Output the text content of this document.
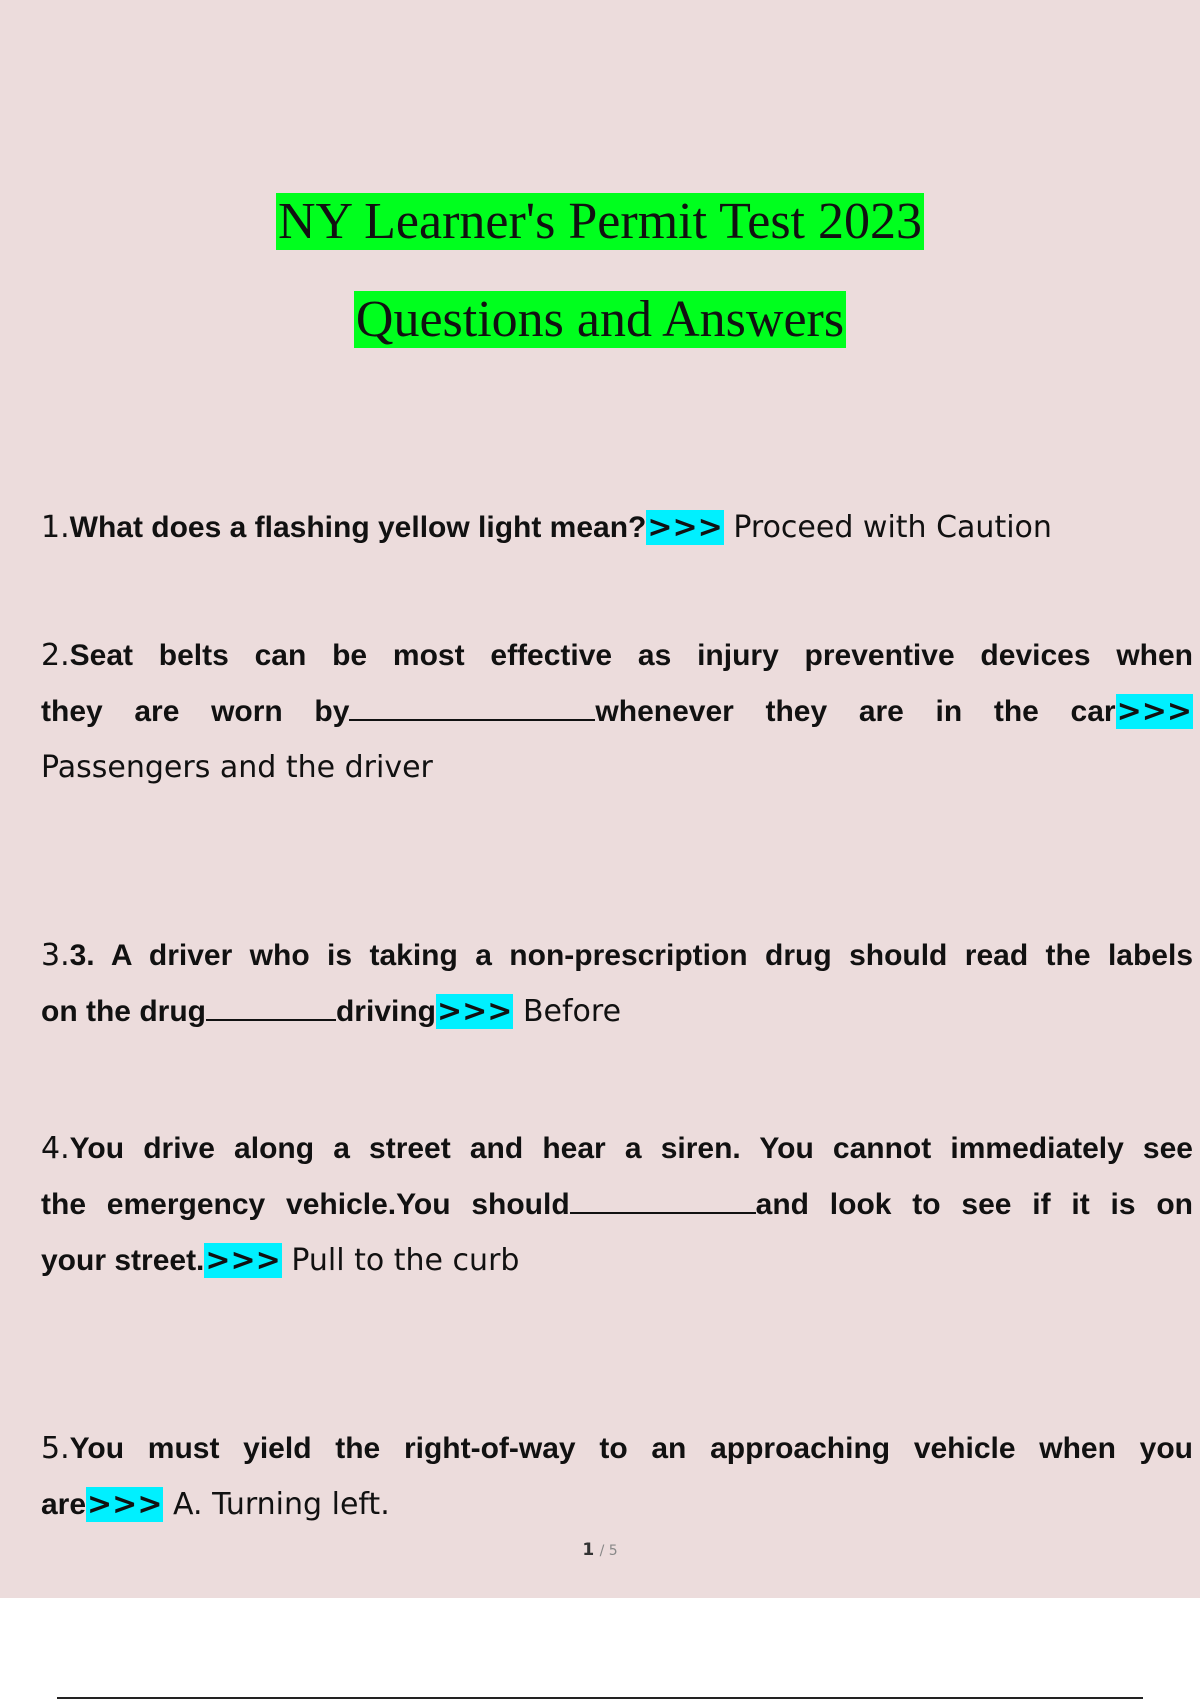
NY Learner's Permit Test 2023
Questions and Answers
1.What does a flashing yellow light mean?>>> Proceed with Caution
2.Seat belts can be most effective as injury preventive devices when
they are worn by	whenever they are in the car>>>
Passengers and the driver
3.3. A driver who is taking a non-prescription drug should read the labels
on the drug	driving>>> Before
4.You drive along a street and hear a siren. You cannot immediately see
the emergency vehicle.You should	and look to see if it is on
your street.>>> Pull to the curb
5.You must yield the right-of-way to an approaching vehicle when you
are>>> A. Turning left.
1 / 5
